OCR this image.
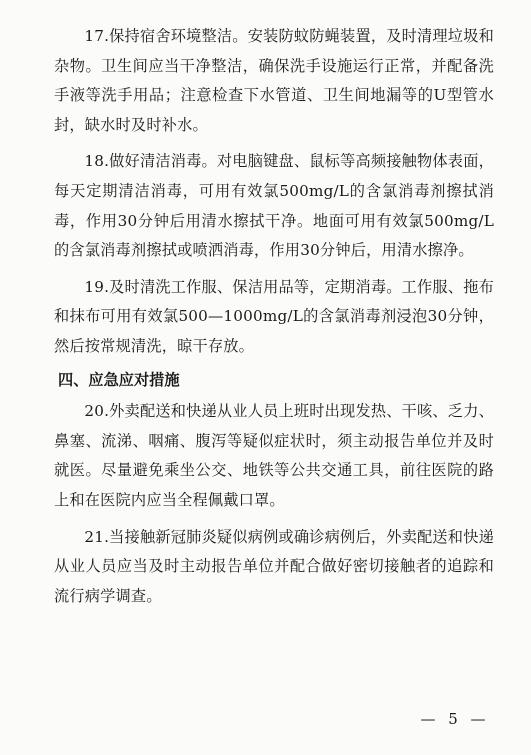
17.保持宿舍环境整洁。安装防蚊防蝇装置，及时清理垃圾和杂物。卫生间应当干净整洁，确保洗手设施运行正常，并配备洗手液等洗手用品；注意检查下水管道、卫生间地漏等的U型管水封，缺水时及时补水。

18.做好清洁消毒。对电脑键盘、鼠标等高频接触物体表面，每天定期清洁消毒，可用有效氯500mg/L的含氯消毒剂擦拭消毒，作用30分钟后用清水擦拭干净。地面可用有效氯500mg/L的含氯消毒剂擦拭或喷洒消毒，作用30分钟后，用清水擦净。

19.及时清洗工作服、保洁用品等，定期消毒。工作服、拖布和抹布可用有效氯500—1000mg/L的含氯消毒剂浸泡30分钟，然后按常规清洗，晾干存放。

四、应急应对措施

20.外卖配送和快递从业人员上班时出现发热、干咳、乏力、鼻塞、流涕、咽痛、腹泻等疑似症状时，须主动报告单位并及时就医。尽量避免乘坐公交、地铁等公共交通工具，前往医院的路上和在医院内应当全程佩戴口罩。

21.当接触新冠肺炎疑似病例或确诊病例后，外卖配送和快递从业人员应当及时主动报告单位并配合做好密切接触者的追踪和流行病学调查。

— 5 —
